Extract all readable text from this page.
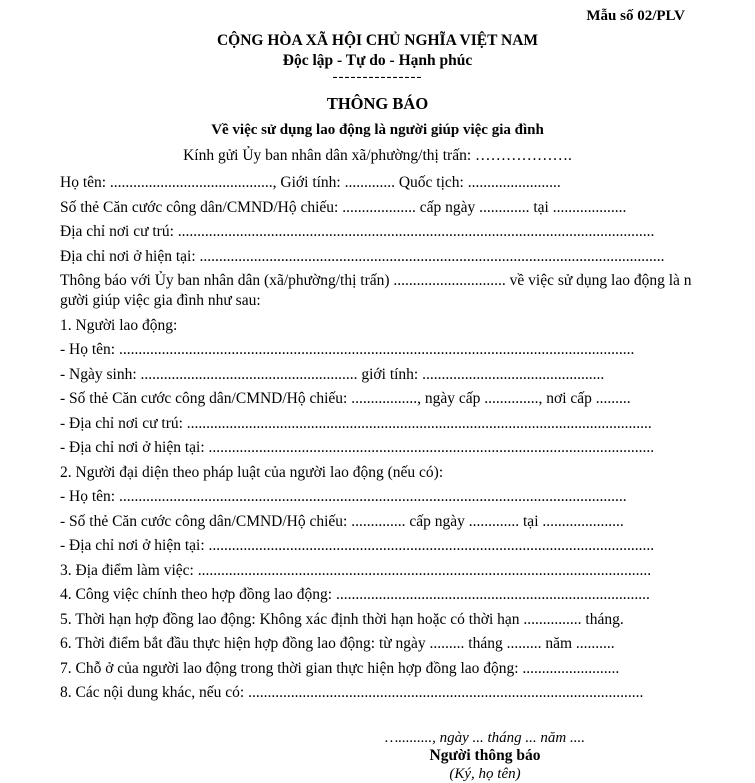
Mẫu số 02/PLV
CỘNG HÒA XÃ HỘI CHỦ NGHĨA VIỆT NAM
Độc lập - Tự do - Hạnh phúc
---------------
THÔNG BÁO
Về việc sử dụng lao động là người giúp việc gia đình
Kính gửi Ủy ban nhân dân xã/phường/thị trấn: ……………….
Họ tên: .........................................., Giới tính: ............. Quốc tịch: ........................
Số thẻ Căn cước công dân/CMND/Hộ chiếu: ................... cấp ngày ............. tại ...................
Địa chỉ nơi cư trú: ...........................................................................................................................
Địa chỉ nơi ở hiện tại: ........................................................................................................................
Thông báo với Ủy ban nhân dân (xã/phường/thị trấn) ............................. về việc sử dụng lao động là người giúp việc gia đình như sau:
1. Người lao động:
- Họ tên: .....................................................................................................................................
- Ngày sinh: ........................................................ giới tính: ...............................................
- Số thẻ Căn cước công dân/CMND/Hộ chiếu: ................., ngày cấp .............., nơi cấp .........
- Địa chỉ nơi cư trú: ........................................................................................................................
- Địa chỉ nơi ở hiện tại: ...................................................................................................................
2. Người đại diện theo pháp luật của người lao động (nếu có):
- Họ tên: ...................................................................................................................................
- Số thẻ Căn cước công dân/CMND/Hộ chiếu: .............. cấp ngày ............. tại .....................
- Địa chỉ nơi ở hiện tại: ...................................................................................................................
3. Địa điểm làm việc: .....................................................................................................................
4. Công việc chính theo hợp đồng lao động: .................................................................................
5. Thời hạn hợp đồng lao động: Không xác định thời hạn hoặc có thời hạn ............... tháng.
6. Thời điểm bắt đầu thực hiện hợp đồng lao động: từ ngày ......... tháng ......... năm ..........
7. Chỗ ở của người lao động trong thời gian thực hiện hợp đồng lao động: .........................
8. Các nội dung khác, nếu có: ......................................................................................................
…........., ngày ... tháng ... năm ....
Người thông báo
(Ký, họ tên)
